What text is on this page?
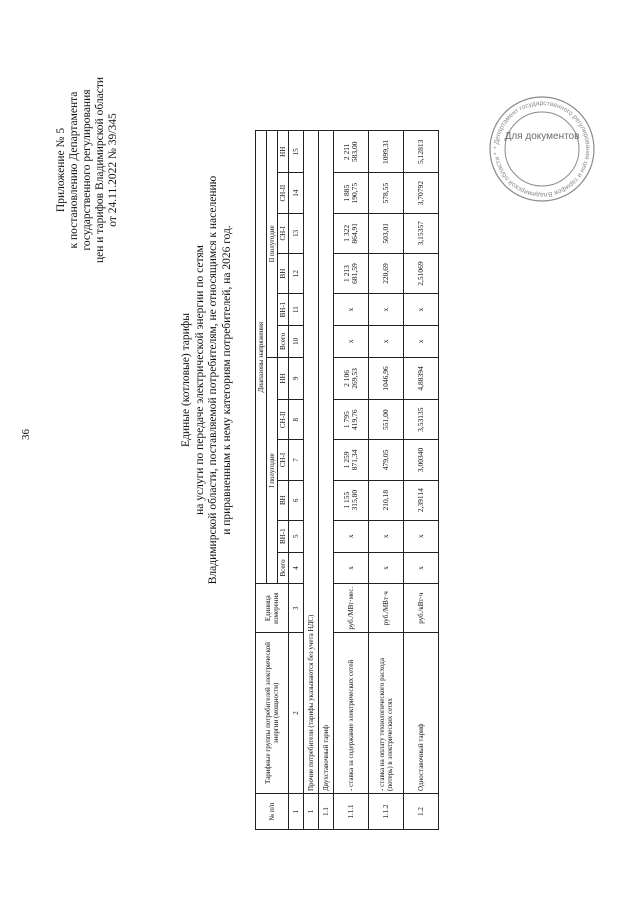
36
Приложение № 5 к постановлению Департамента государственного регулирования цен и тарифов Владимирской области от 24.11.2022 № 39/345
Единые (котловые) тарифы на услуги по передаче электрической энергии по сетям Владимирской области, поставляемой потребителям, не относящимся к населению и приравненным к нему категориям потребителей, на 2026 год.
№ п/п	Тарифные группы потребителей электрической энергии (мощности)	Единица измерения	Диапазоны напряжения											
			I полугодие						II полугодие					
			Всего	ВН-1	ВН	СН-I	СН-II	НН	Всего	ВН-1	ВН	СН-I	СН-II	НН
1	2	3	4	5	6	7	8	9	10	11	12	13	14	15
1	Прочие потребители (тарифы указываются без учета НДС)													
1.1	Двухставочный тариф													
1.1.1	- ставка за содержание электрических сетей	руб./МВт·мес.	х	х	1 155 315,80	1 259 871,34	1 795 419,76	2 106 269,53	х	х	1 213 681,59	1 322 864,91	1 885 190,75	2 211 583,00
1.1.2	- ставка на оплату технологического расхода (потерь) в электрических сетях	руб./МВт·ч	х	х	210,18	479,05	551,00	1046,96	х	х	220,69	503,01	578,55	1099,31
1.2	Одноставочный тариф	руб./кВт·ч	х	х	2,39114	3,00340	3,53135	4,88394	х	х	2,51069	3,15357	3,70792	5,12813	* Департамент государственного регулирования цен и тарифов Владимирской области *
Для документов
